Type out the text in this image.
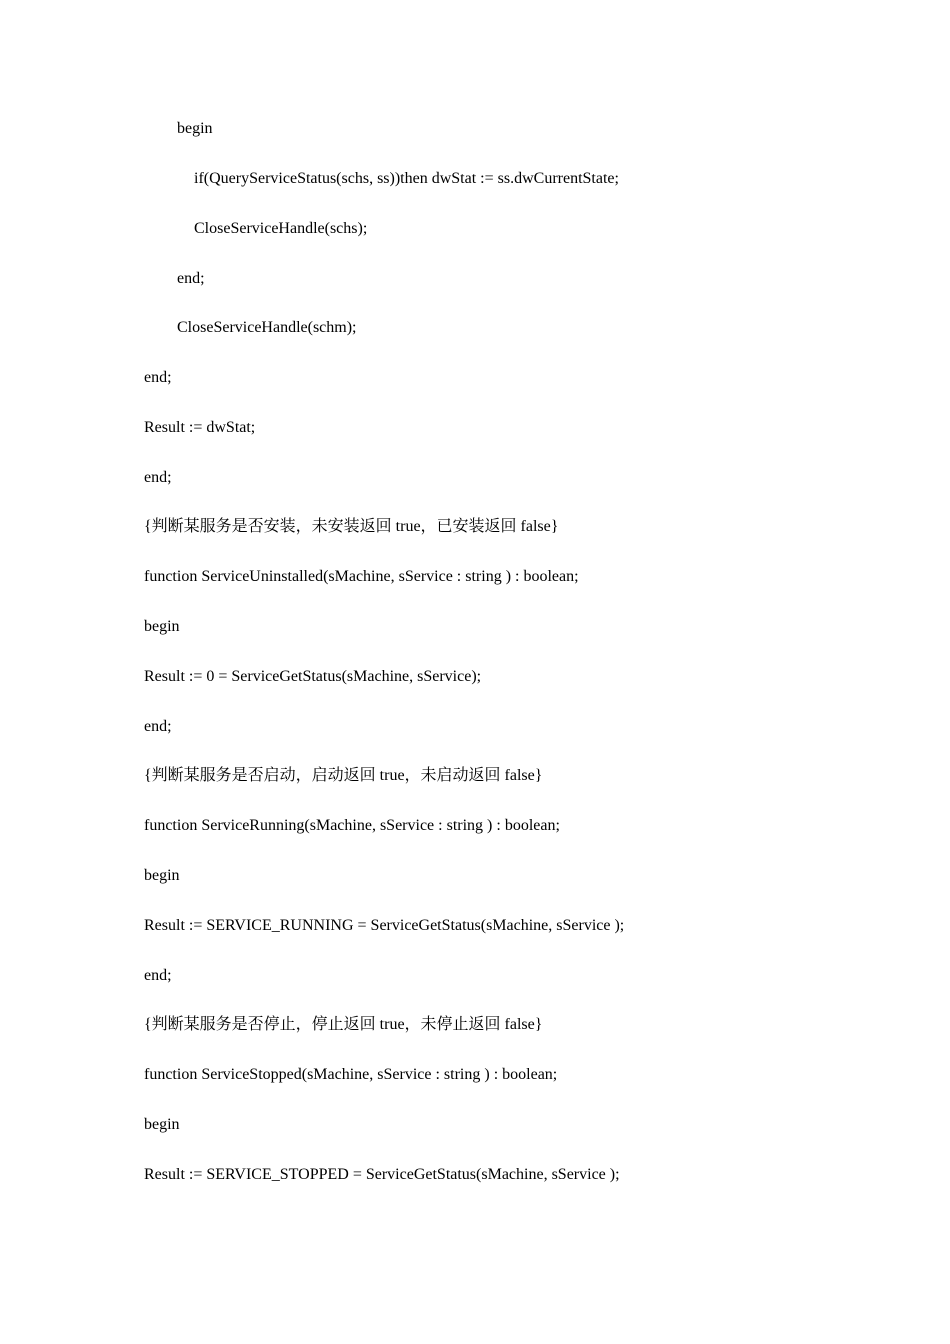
begin
if(QueryServiceStatus(schs, ss))then dwStat := ss.dwCurrentState;
CloseServiceHandle(schs);
end;
CloseServiceHandle(schm);
end;
Result := dwStat;
end;
{判断某服务是否安装，未安装返回 true，已安装返回 false}
function ServiceUninstalled(sMachine, sService : string ) : boolean;
begin
Result := 0 = ServiceGetStatus(sMachine, sService);
end;
{判断某服务是否启动，启动返回 true，未启动返回 false}
function ServiceRunning(sMachine, sService : string ) : boolean;
begin
Result := SERVICE_RUNNING = ServiceGetStatus(sMachine, sService );
end;
{判断某服务是否停止，停止返回 true，未停止返回 false}
function ServiceStopped(sMachine, sService : string ) : boolean;
begin
Result := SERVICE_STOPPED = ServiceGetStatus(sMachine, sService );
